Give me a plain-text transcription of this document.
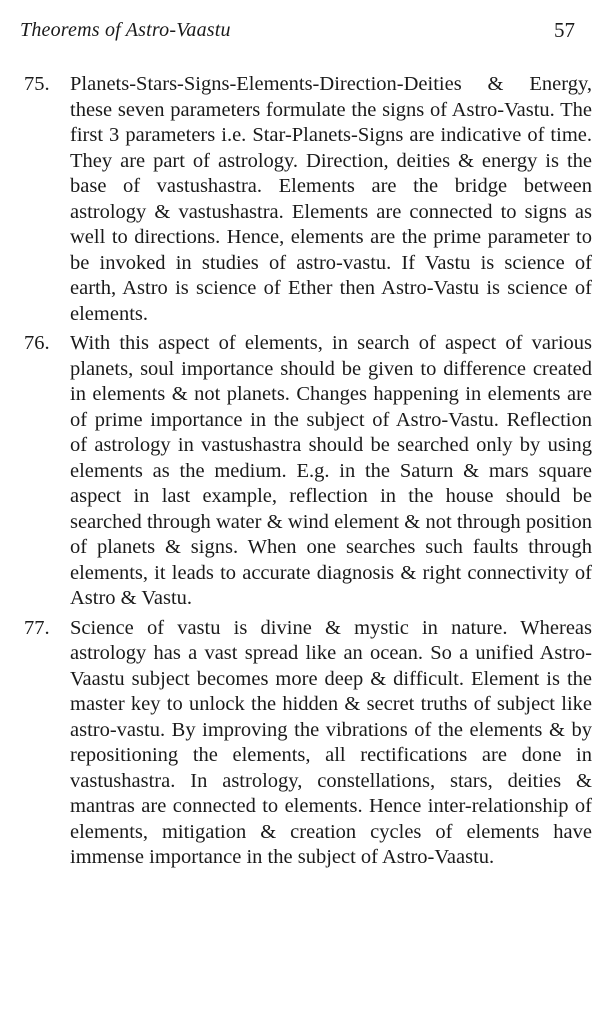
Theorems of Astro-Vaastu	57
75. Planets-Stars-Signs-Elements-Direction-Deities & Energy, these seven parameters formulate the signs of Astro-Vastu. The first 3 parameters i.e. Star-Planets-Signs are indicative of time. They are part of astrology. Direction, deities & energy is the base of vastushastra. Elements are the bridge between astrology & vastushastra. Elements are connected to signs as well to directions. Hence, elements are the prime parameter to be invoked in studies of astro-vastu. If Vastu is science of earth, Astro is science of Ether then Astro-Vastu is science of elements.
76. With this aspect of elements, in search of aspect of various planets, soul importance should be given to difference created in elements & not planets. Changes happening in elements are of prime importance in the subject of Astro-Vastu. Reflection of astrology in vastushastra should be searched only by using elements as the medium. E.g. in the Saturn & mars square aspect in last example, reflection in the house should be searched through water & wind element & not through position of planets & signs. When one searches such faults through elements, it leads to accurate diagnosis & right connectivity of Astro & Vastu.
77. Science of vastu is divine & mystic in nature. Whereas astrology has a vast spread like an ocean. So a unified Astro-Vaastu subject becomes more deep & difficult. Element is the master key to unlock the hidden & secret truths of subject like astro-vastu. By improving the vibrations of the elements & by repositioning the elements, all rectifications are done in vastushastra. In astrology, constellations, stars, deities & mantras are connected to elements. Hence inter-relationship of elements, mitigation & creation cycles of elements have immense importance in the subject of Astro-Vaastu.
